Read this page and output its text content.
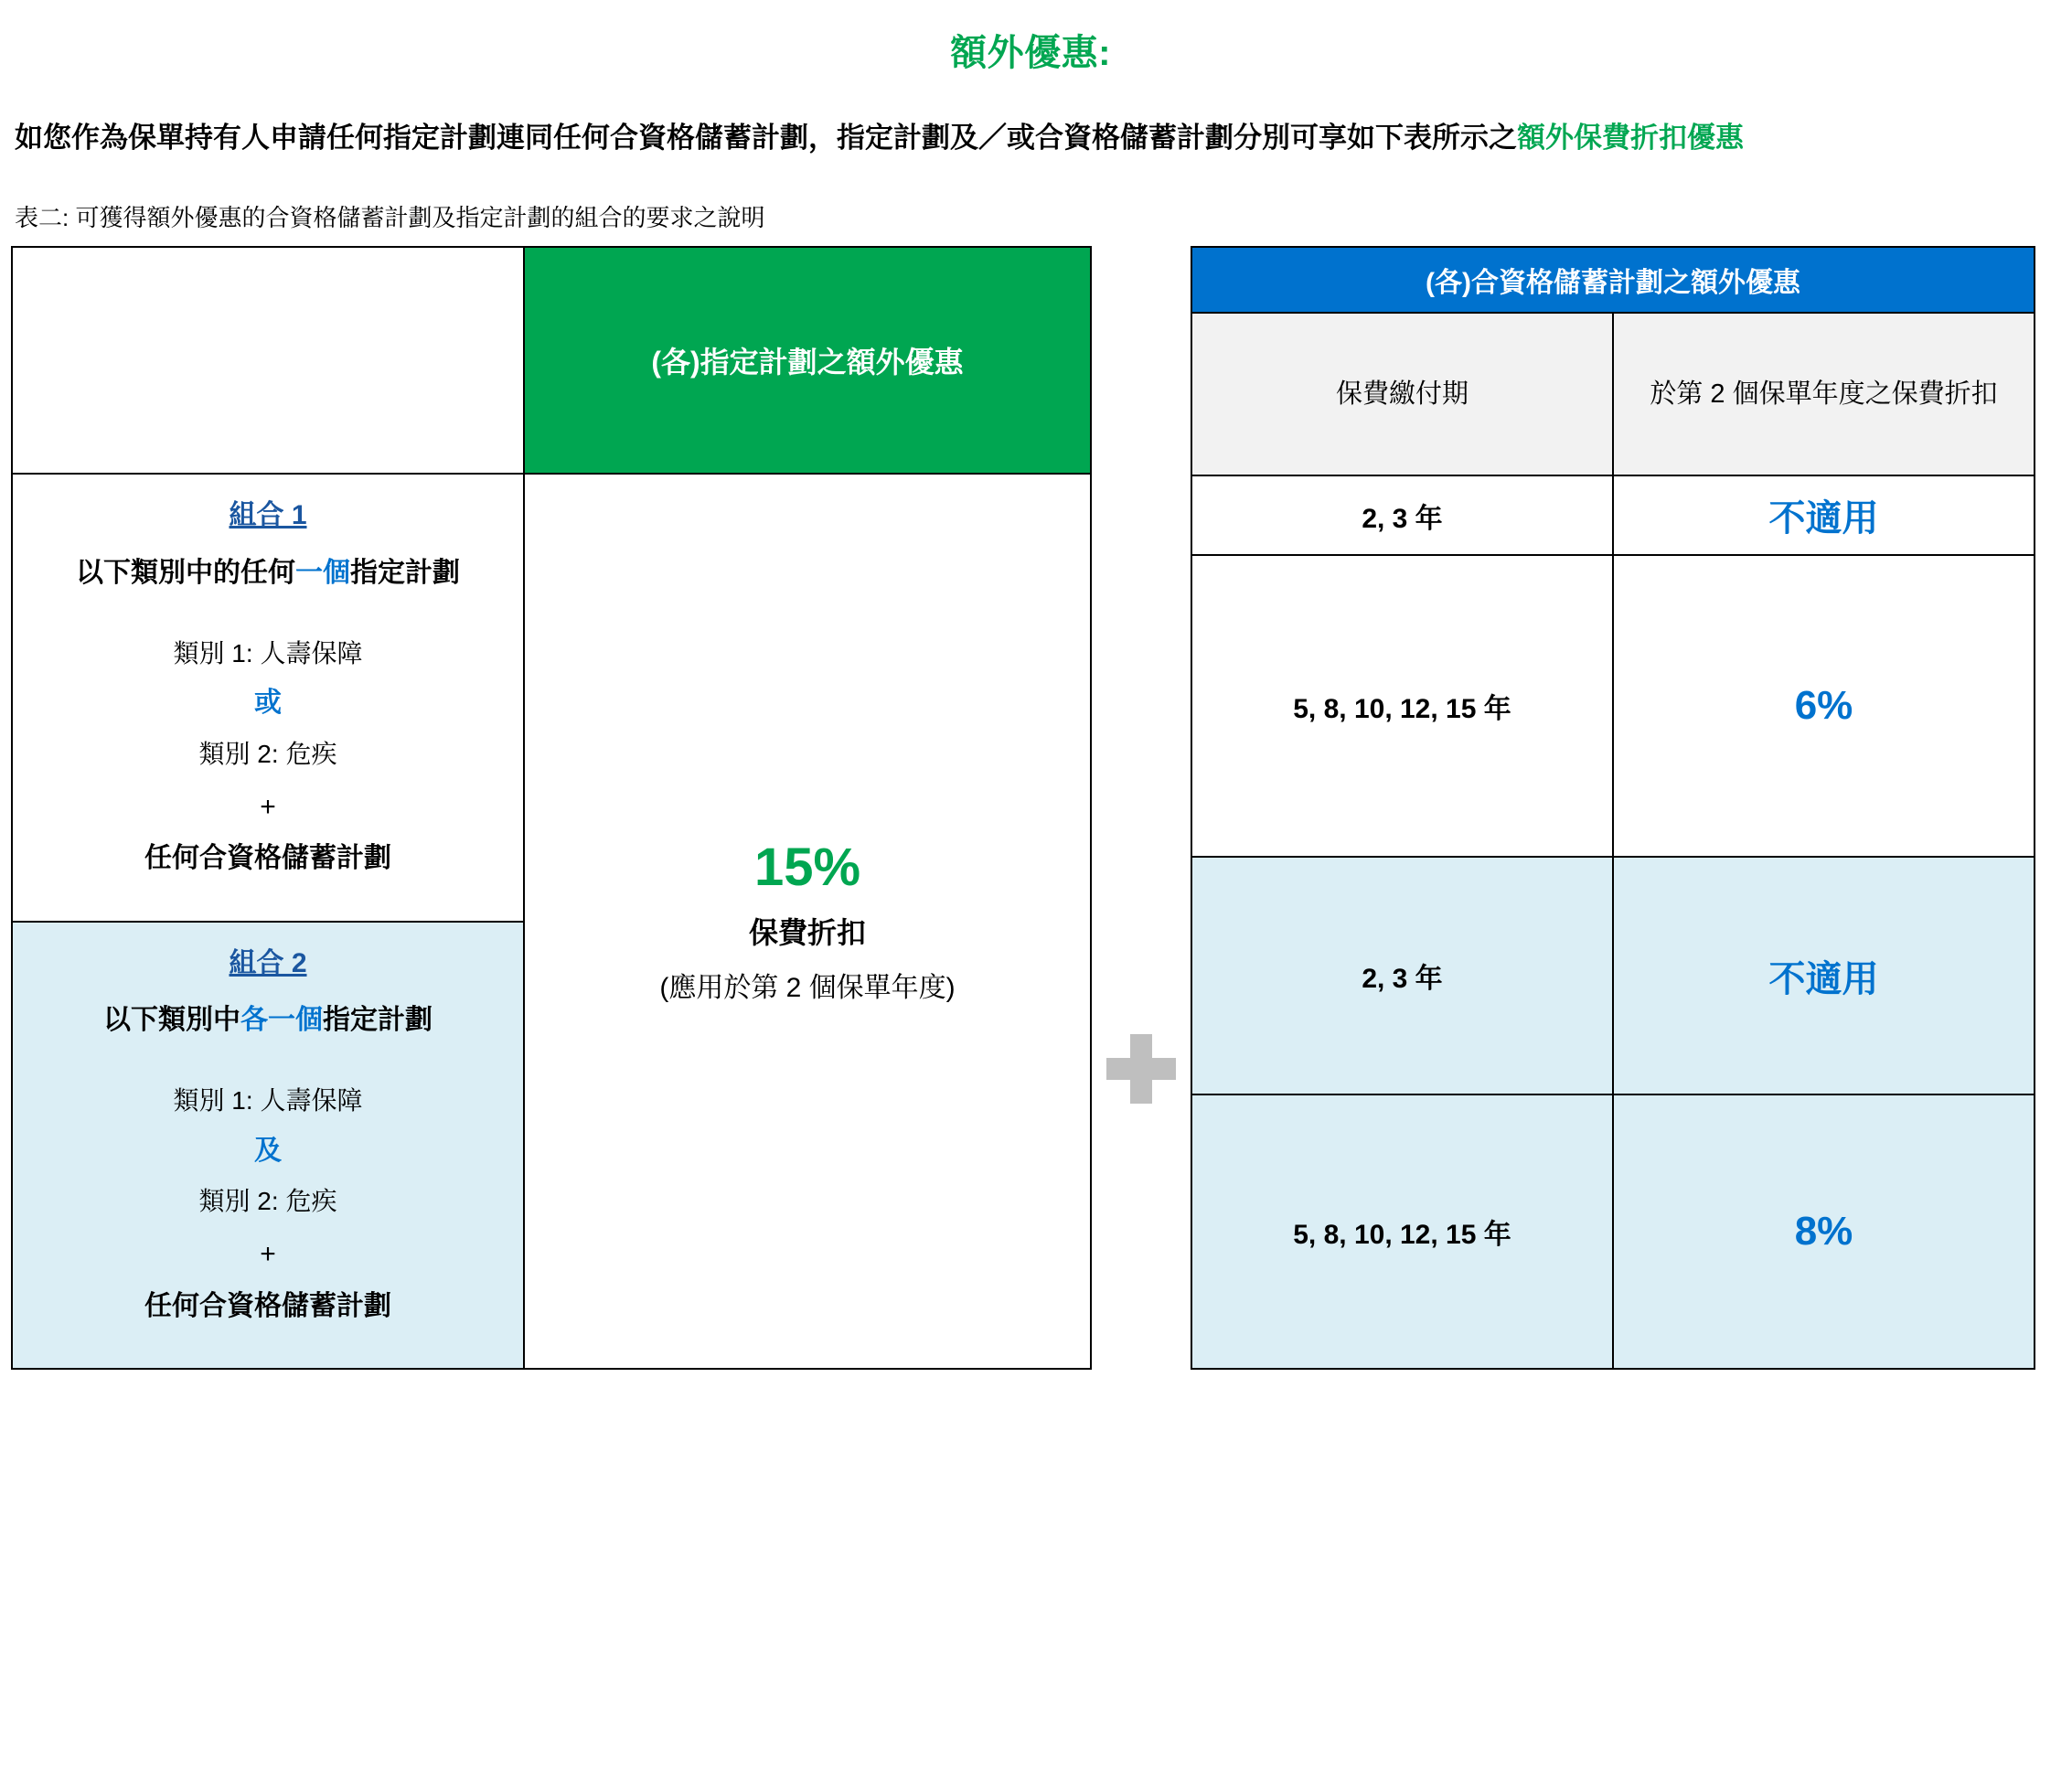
額外優惠:
如您作為保單持有人申請任何指定計劃連同任何合資格儲蓄計劃，指定計劃及／或合資格儲蓄計劃分別可享如下表所示之額外保費折扣優惠
表二: 可獲得額外優惠的合資格儲蓄計劃及指定計劃的組合的要求之說明
	(各)指定計劃之額外優惠

組合 1
以下類別中的任何一個指定計劃
類別 1: 人壽保障
或
類別 2: 危疾
+
任何合資格儲蓄計劃	15%
保費折扣
(應用於第 2 個保單年度)

組合 2
以下類別中各一個指定計劃
類別 1: 人壽保障
及
類別 2: 危疾
+
任何合資格儲蓄計劃
(各)合資格儲蓄計劃之額外優惠	
保費繳付期	於第 2 個保單年度之保費折扣
2, 3 年	不適用
5, 8, 10, 12, 15 年	6%
2, 3 年	不適用
5, 8, 10, 12, 15 年	8%
